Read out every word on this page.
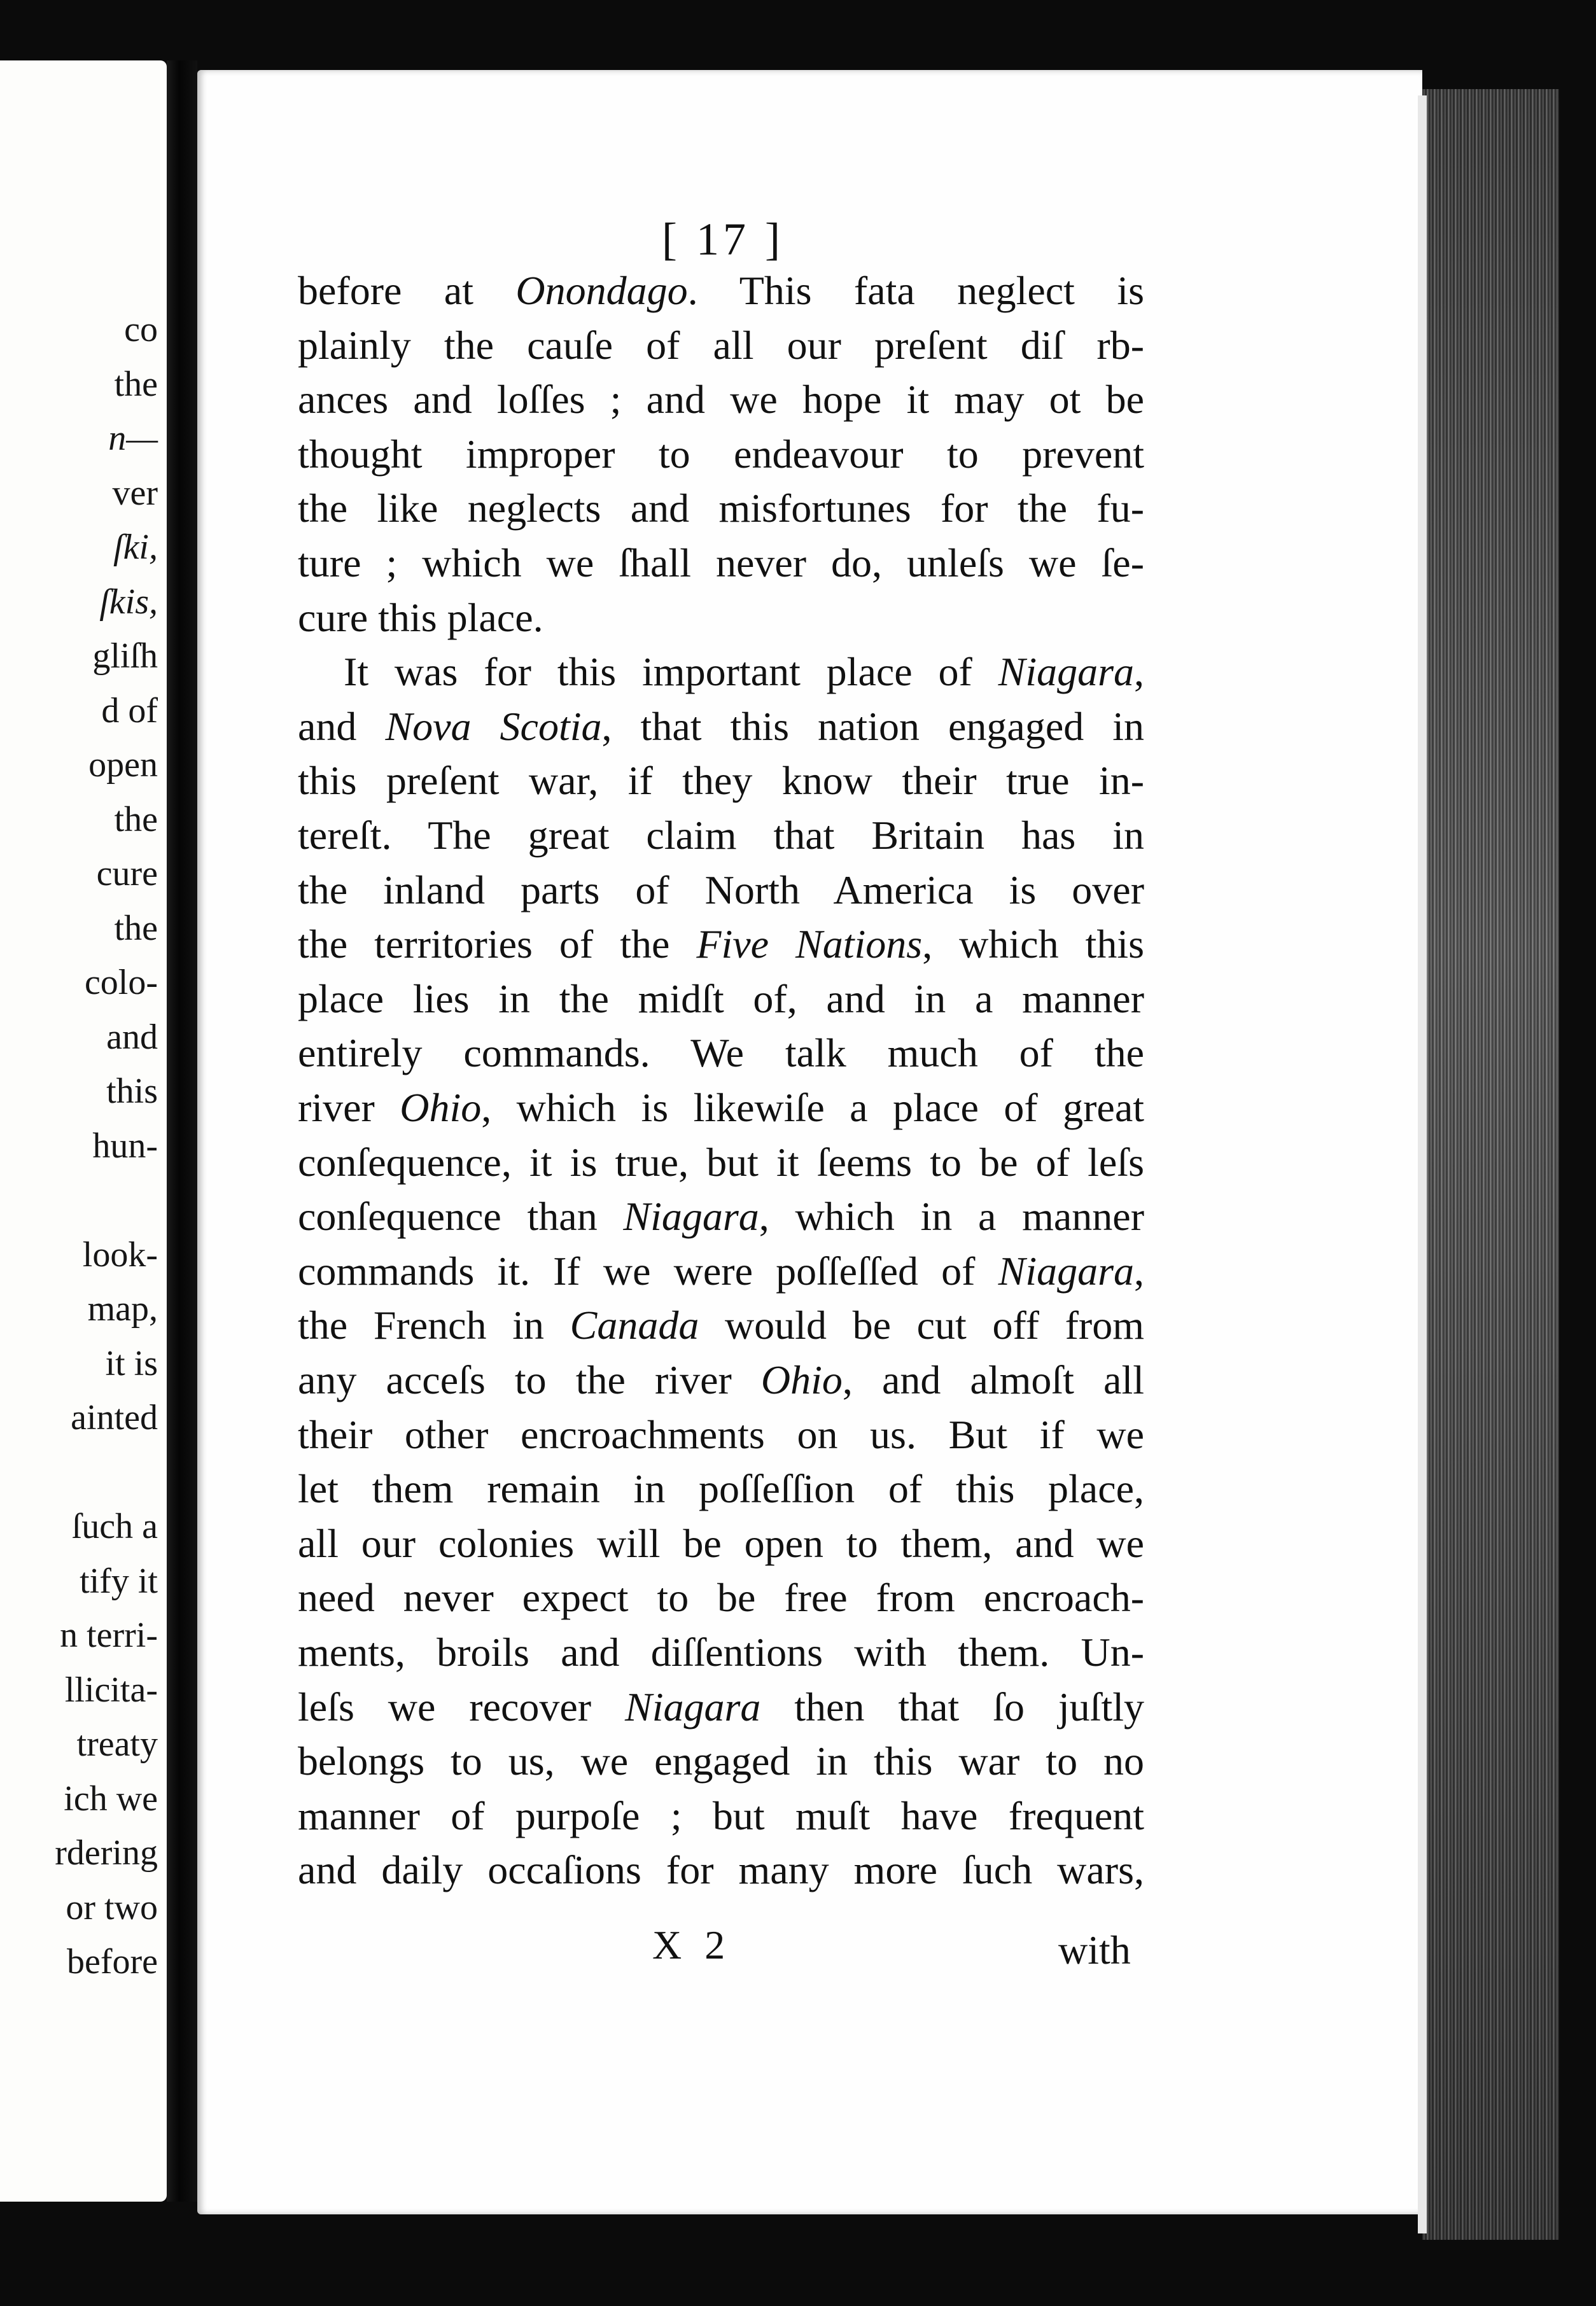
co
the
n—
ver
ſki,
ſkis,
gliſh
d of
open
the
cure
the
colo-
and
this
hun-
look-
map,
it is
ainted
ſuch a
tify it
n terri-
llicita-
treaty
ich we
rdering
or two
before
[ 17 ]
before at Onondago. This fata neglect is
plainly the cauſe of all our preſent diſ rb-
ances and loſſes ; and we hope it may ot be
thought improper to endeavour to prevent
the like neglects and misfortunes for the fu-
ture ; which we ſhall never do, unleſs we ſe-
cure this place.
It was for this important place of Niagara,
and Nova Scotia, that this nation engaged in
this preſent war, if they know their true in-
tereſt. The great claim that Britain has in
the inland parts of North America is over
the territories of the Five Nations, which this
place lies in the midſt of, and in a manner
entirely commands. We talk much of the
river Ohio, which is likewiſe a place of great
conſequence, it is true, but it ſeems to be of leſs
conſequence than Niagara, which in a manner
commands it. If we were poſſeſſed of Niagara,
the French in Canada would be cut off from
any acceſs to the river Ohio, and almoſt all
their other encroachments on us. But if we
let them remain in poſſeſſion of this place,
all our colonies will be open to them, and we
need never expect to be free from encroach-
ments, broils and diſſentions with them. Un-
leſs we recover Niagara then that ſo juſtly
belongs to us, we engaged in this war to no
manner of purpoſe ; but muſt have frequent
and daily occaſions for many more ſuch wars,
X 2	with
